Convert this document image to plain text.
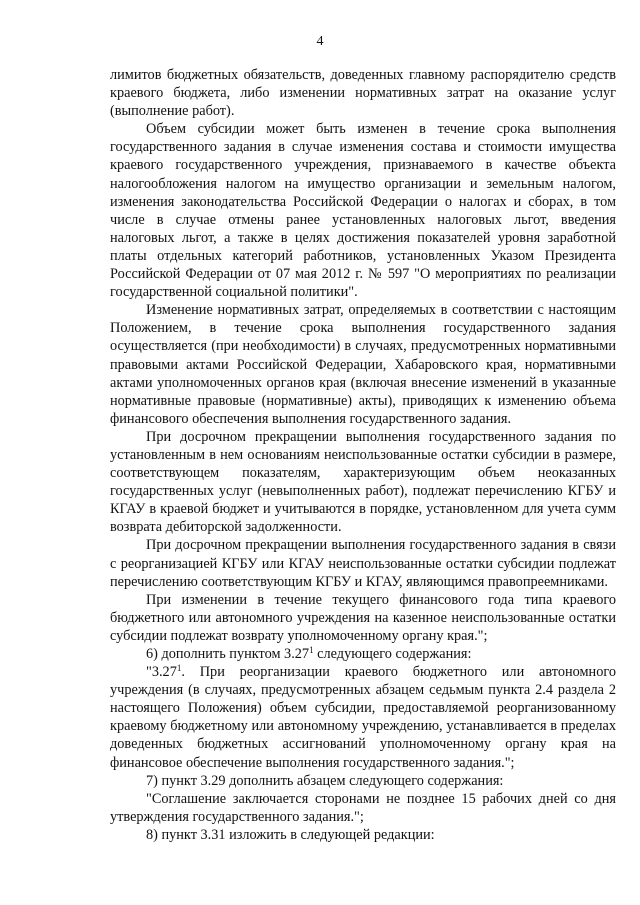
4

лимитов бюджетных обязательств, доведенных главному распорядителю средств краевого бюджета, либо изменении нормативных затрат на оказание услуг (выполнение работ).

Объем субсидии может быть изменен в течение срока выполнения государственного задания в случае изменения состава и стоимости имущества краевого государственного учреждения, признаваемого в качестве объекта налогообложения налогом на имущество организации и земельным налогом, изменения законодательства Российской Федерации о налогах и сборах, в том числе в случае отмены ранее установленных налоговых льгот, введения налоговых льгот, а также в целях достижения показателей уровня заработной платы отдельных категорий работников, установленных Указом Президента Российской Федерации от 07 мая 2012 г. № 597 "О мероприятиях по реализации государственной социальной политики".

Изменение нормативных затрат, определяемых в соответствии с настоящим Положением, в течение срока выполнения государственного задания осуществляется (при необходимости) в случаях, предусмотренных нормативными правовыми актами Российской Федерации, Хабаровского края, нормативными актами уполномоченных органов края (включая внесение изменений в указанные нормативные правовые (нормативные) акты), приводящих к изменению объема финансового обеспечения выполнения государственного задания.

При досрочном прекращении выполнения государственного задания по установленным в нем основаниям неиспользованные остатки субсидии в размере, соответствующем показателям, характеризующим объем неоказанных государственных услуг (невыполненных работ), подлежат перечислению КГБУ и КГАУ в краевой бюджет и учитываются в порядке, установленном для учета сумм возврата дебиторской задолженности.

При досрочном прекращении выполнения государственного задания в связи с реорганизацией КГБУ или КГАУ неиспользованные остатки субсидии подлежат перечислению соответствующим КГБУ и КГАУ, являющимся правопреемниками.

При изменении в течение текущего финансового года типа краевого бюджетного или автономного учреждения на казенное неиспользованные остатки субсидии подлежат возврату уполномоченному органу края.";

6) дополнить пунктом 3.27$^1$ следующего содержания:

"3.27$^1$. При реорганизации краевого бюджетного или автономного учреждения (в случаях, предусмотренных абзацем седьмым пункта 2.4 раздела 2 настоящего Положения) объем субсидии, предоставляемой реорганизованному краевому бюджетному или автономному учреждению, устанавливается в пределах доведенных бюджетных ассигнований уполномоченному органу края на финансовое обеспечение выполнения государственного задания.";

7) пункт 3.29 дополнить абзацем следующего содержания:

"Соглашение заключается сторонами не позднее 15 рабочих дней со дня утверждения государственного задания.";

8) пункт 3.31 изложить в следующей редакции:
